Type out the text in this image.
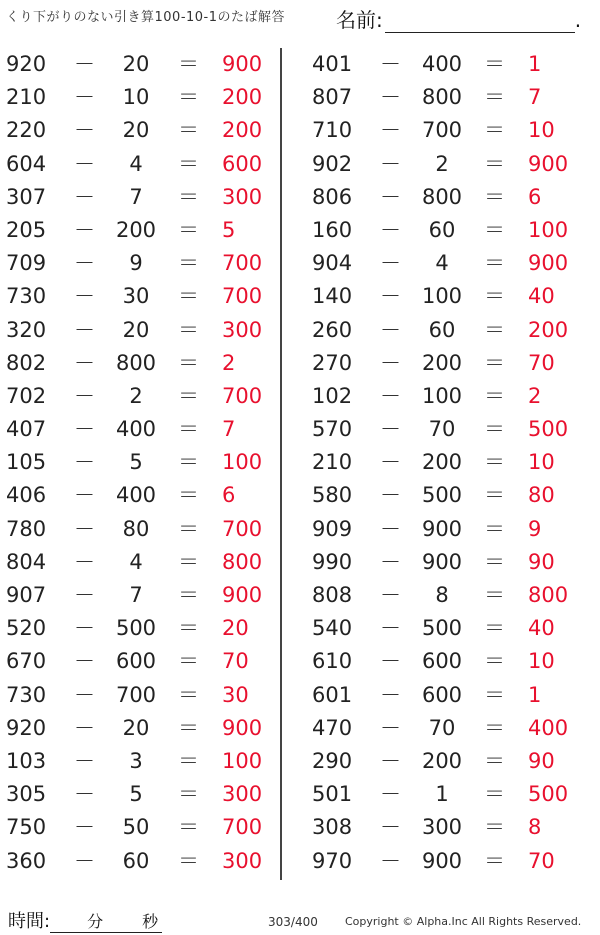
くり下がりのない引き算100-10-1のたば解答	名前:	.
920	－	20	＝ 900
210	－	10	＝ 200
220	－	20	＝ 200
604	－	4	＝ 600
307	－	7	＝ 300
205	－ 200	＝ 5
709	－	9	＝ 700
730	－	30	＝ 700
320	－	20	＝ 300
802	－ 800	＝ 2
702	－	2	＝ 700
407	－ 400	＝ 7
105	－	5	＝ 100
406	－ 400	＝ 6
780	－	80	＝ 700
804	－	4	＝ 800
907	－	7	＝ 900
520	－ 500	＝ 20
670	－ 600	＝ 70
730	－ 700	＝ 30
920	－	20	＝ 900
103	－	3	＝ 100
305	－	5	＝ 300
750	－	50	＝ 700
360	－	60	＝ 300
401	－ 400	＝ 1
807	－ 800	＝ 7
710	－ 700	＝ 10
902	－	2	＝ 900
806	－ 800	＝ 6
160	－	60	＝ 100
904	－	4	＝ 900
140	－ 100	＝ 40
260	－	60	＝ 200
270	－ 200	＝ 70
102	－ 100	＝ 2
570	－	70	＝ 500
210	－ 200	＝ 10
580	－ 500	＝ 80
909	－ 900	＝ 9
990	－ 900	＝ 90
808	－	8	＝ 800
540	－ 500	＝ 40
610	－ 600	＝ 10
601	－ 600	＝ 1
470	－	70	＝ 400
290	－ 200	＝ 90
501	－	1	＝ 500
308	－ 300	＝ 8
970	－ 900	＝ 70
時間: 分 秒	303/400 Copyright © Alpha.Inc All Rights Reserved.
